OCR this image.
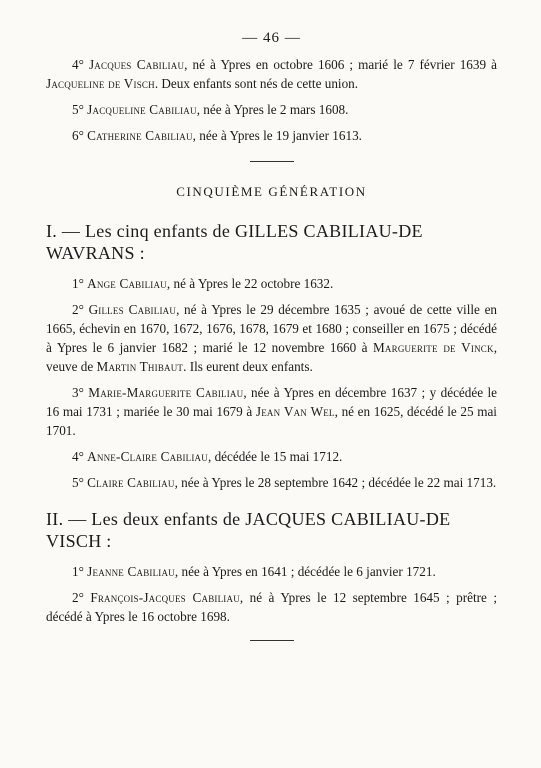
— 46 —

4° Jacques Cabiliau, né à Ypres en octobre 1606 ; marié le 7 février 1639 à Jacqueline de Visch. Deux enfants sont nés de cette union.

5° Jacqueline Cabiliau, née à Ypres le 2 mars 1608.

6° Catherine Cabiliau, née à Ypres le 19 janvier 1613.

CINQUIÈME GÉNÉRATION
I. — Les cinq enfants de GILLES CABILIAU-DE WAVRANS :

1° Ange Cabiliau, né à Ypres le 22 octobre 1632.

2° Gilles Cabiliau, né à Ypres le 29 décembre 1635 ; avoué de cette ville en 1665, échevin en 1670, 1672, 1676, 1678, 1679 et 1680 ; conseiller en 1675 ; décédé à Ypres le 6 janvier 1682 ; marié le 12 novembre 1660 à Marguerite de Vinck, veuve de Martin Thibaut. Ils eurent deux enfants.

3° Marie-Marguerite Cabiliau, née à Ypres en décembre 1637 ; y décédée le 16 mai 1731 ; mariée le 30 mai 1679 à Jean Van Wel, né en 1625, décédé le 25 mai 1701.

4° Anne-Claire Cabiliau, décédée le 15 mai 1712.

5° Claire Cabiliau, née à Ypres le 28 septembre 1642 ; décédée le 22 mai 1713.

II. — Les deux enfants de JACQUES CABILIAU-DE VISCH :

1° Jeanne Cabiliau, née à Ypres en 1641 ; décédée le 6 janvier 1721.

2° François-Jacques Cabiliau, né à Ypres le 12 septembre 1645 ; prêtre ; décédé à Ypres le 16 octobre 1698.
